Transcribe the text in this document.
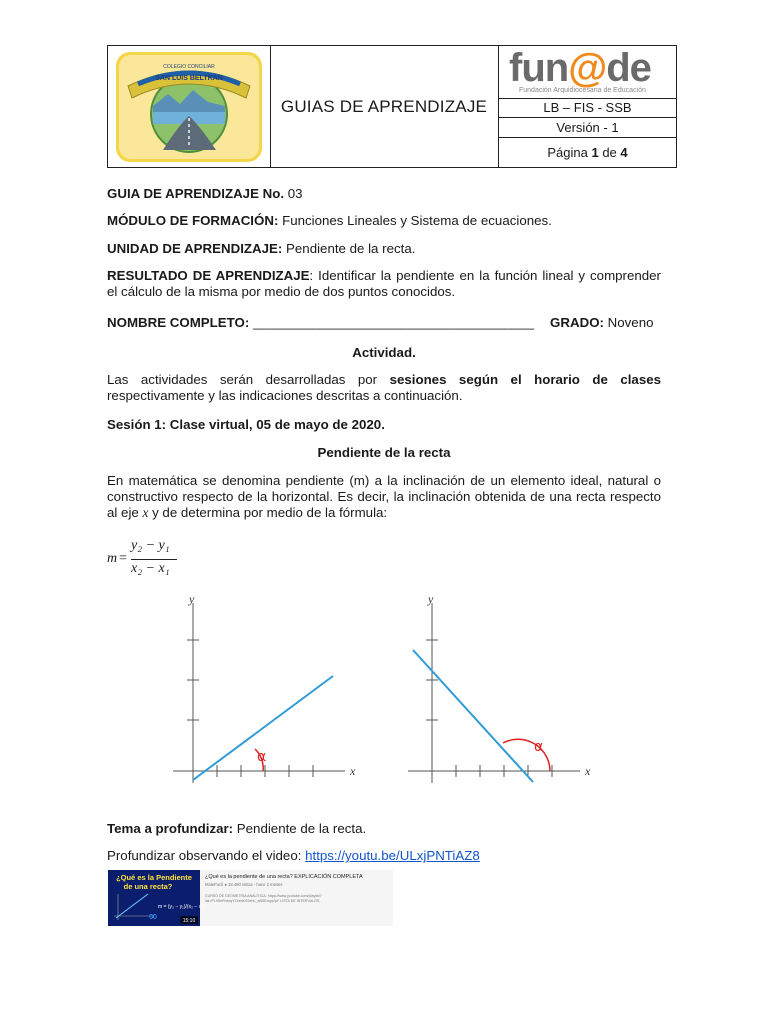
SAN LUIS BELTRÁN
COLEGIO CONCILIAR
GUIAS DE APRENDIZAJE
fun@de
Fundación Arquidiocesana de Educación
LB – FIS - SSB
Versión - 1
Página 1 de 4

GUIA DE APRENDIZAJE No. 03

MÓDULO DE FORMACIÓN: Funciones Lineales y Sistema de ecuaciones.

UNIDAD DE APRENDIZAJE: Pendiente de la recta.

RESULTADO DE APRENDIZAJE: Identificar la pendiente en la función lineal y comprender el cálculo de la misma por medio de dos puntos conocidos.

NOMBRE COMPLETO: ______________________________________ GRADO: Noveno

Actividad.

Las actividades serán desarrolladas por sesiones según el horario de clases respectivamente y las indicaciones descritas a continuación.

Sesión 1: Clase virtual, 05 de mayo de 2020.

Pendiente de la recta

En matemática se denomina pendiente (m) a la inclinación de un elemento ideal, natural o constructivo respecto de la horizontal. Es decir, la inclinación obtenida de una recta respecto al eje x y de determina por medio de la fórmula:

m =
y₂ − y₁
x₂ − x₁
α
x
y
α
x
y

Tema a profundizar: Pendiente de la recta.

Profundizar observando el video: https://youtu.be/ULxjPNTiAZ8

¿Qué es la Pendiente
de una recta?
m = (y₂ − y₁)/(x₂ − x₁)
∞	15:10
¿Qué es la pendiente de una recta? EXPLICACIÓN COMPLETA
MateFacil ● 18,490 vistas - hace 2 meses
CURSO DE GEOMETRÍA ANALÍTICA: https://www.youtube.com/playlist?
list=PL9SeRnbrqYZ4eni022ebL_aBSEoqqVpF LISTA DE INTERVALOS...
